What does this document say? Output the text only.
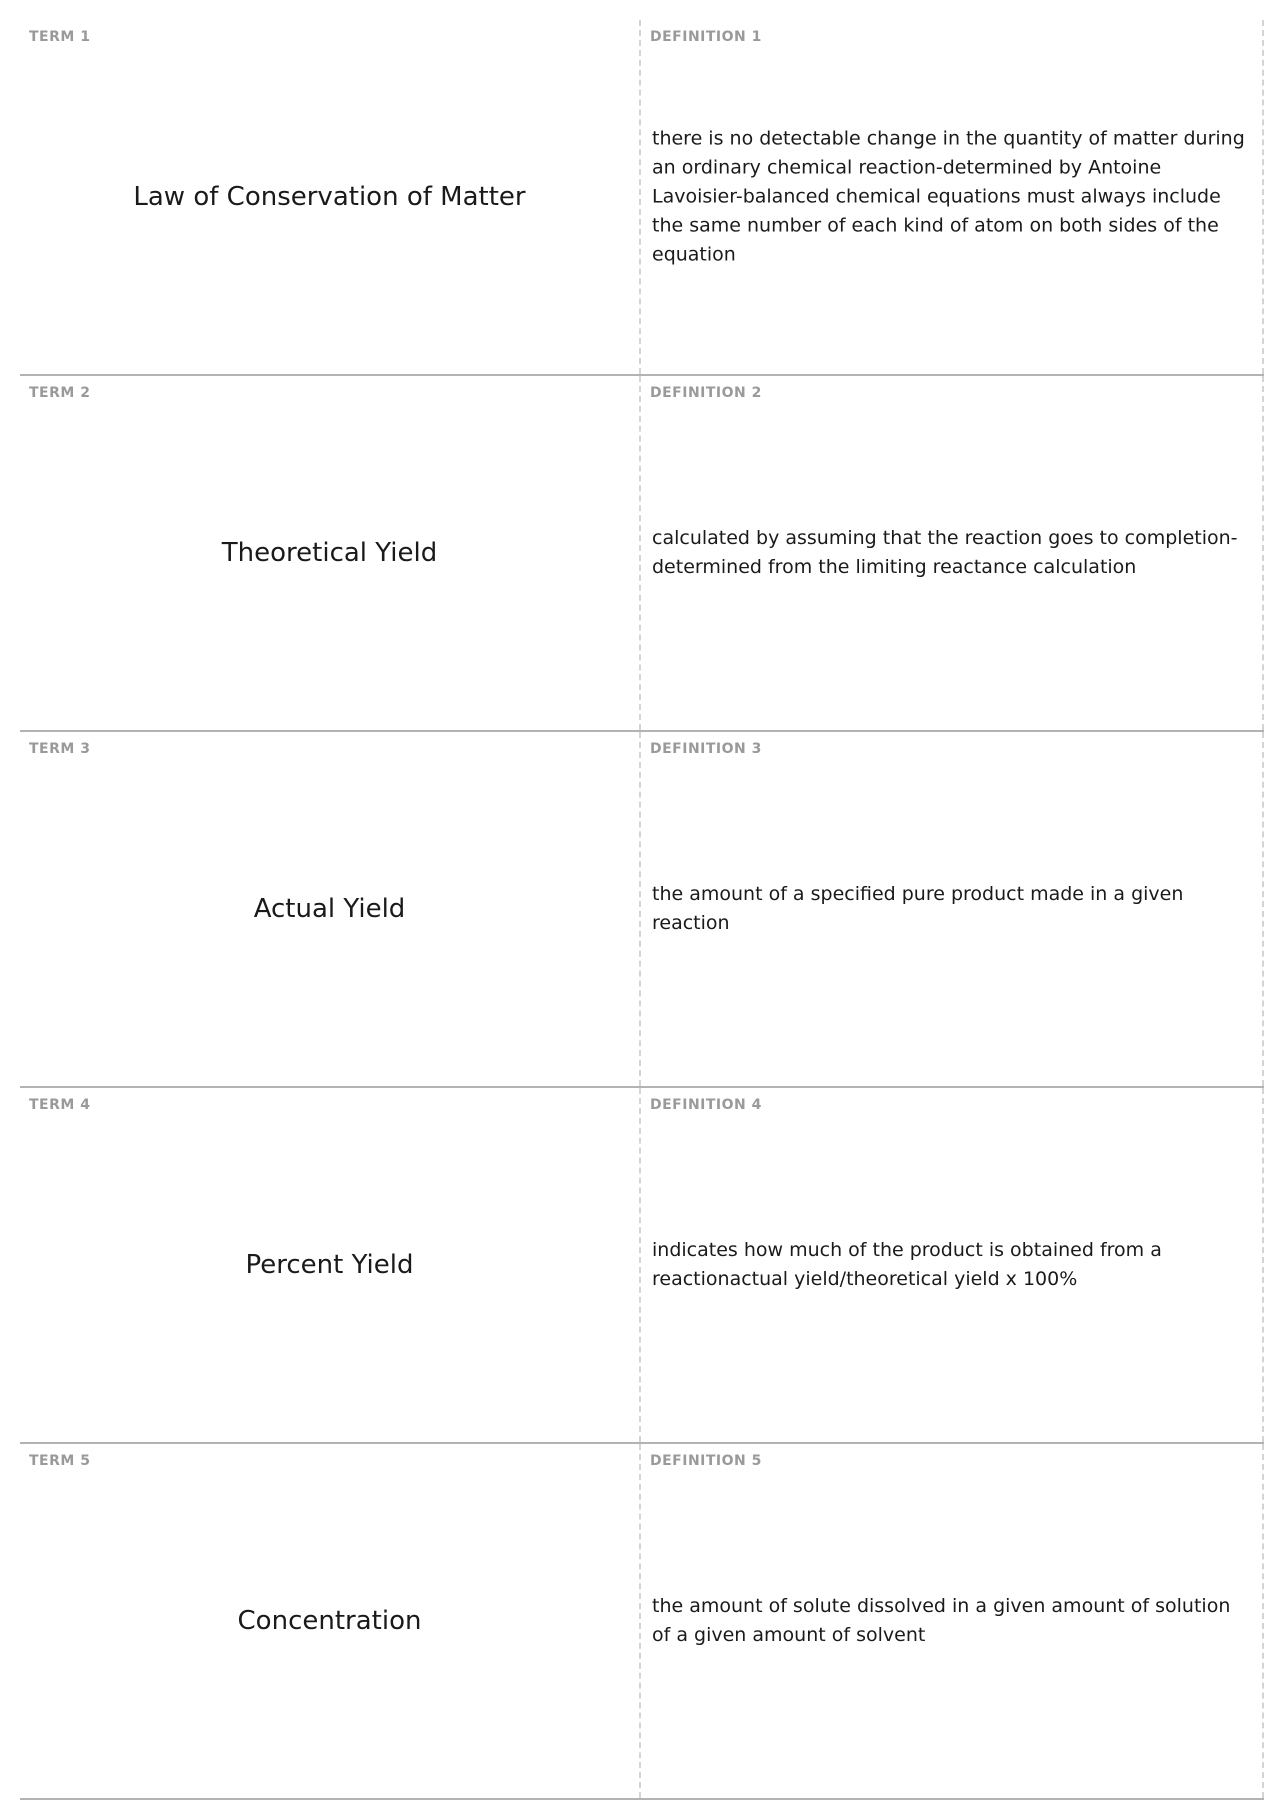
TERM 1
Law of Conservation of Matter
DEFINITION 1
there is no detectable change in the quantity of matter during an ordinary chemical reaction-determined by Antoine Lavoisier-balanced chemical equations must always include the same number of each kind of atom on both sides of the equation
TERM 2
Theoretical Yield
DEFINITION 2
calculated by assuming that the reaction goes to completion-determined from the limiting reactance calculation
TERM 3
Actual Yield
DEFINITION 3
the amount of a specified pure product made in a given reaction
TERM 4
Percent Yield
DEFINITION 4
indicates how much of the product is obtained from a reactionactual yield/theoretical yield x 100%
TERM 5
Concentration
DEFINITION 5
the amount of solute dissolved in a given amount of solution of a given amount of solvent
